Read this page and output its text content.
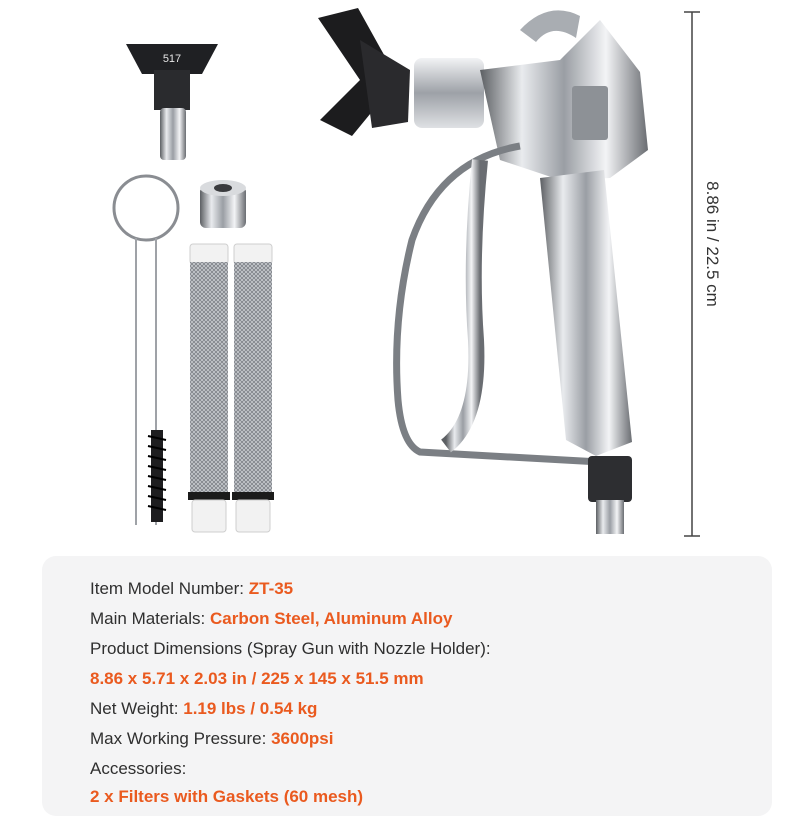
517
8.86 in / 22.5 cm
Item Model Number: ZT-35
Main Materials: Carbon Steel, Aluminum Alloy
Product Dimensions (Spray Gun with Nozzle Holder):
8.86 x 5.71 x 2.03 in / 225 x 145 x 51.5 mm
Net Weight: 1.19 lbs / 0.54 kg
Max Working Pressure: 3600psi
Accessories:
2 x Filters with Gaskets (60 mesh)
